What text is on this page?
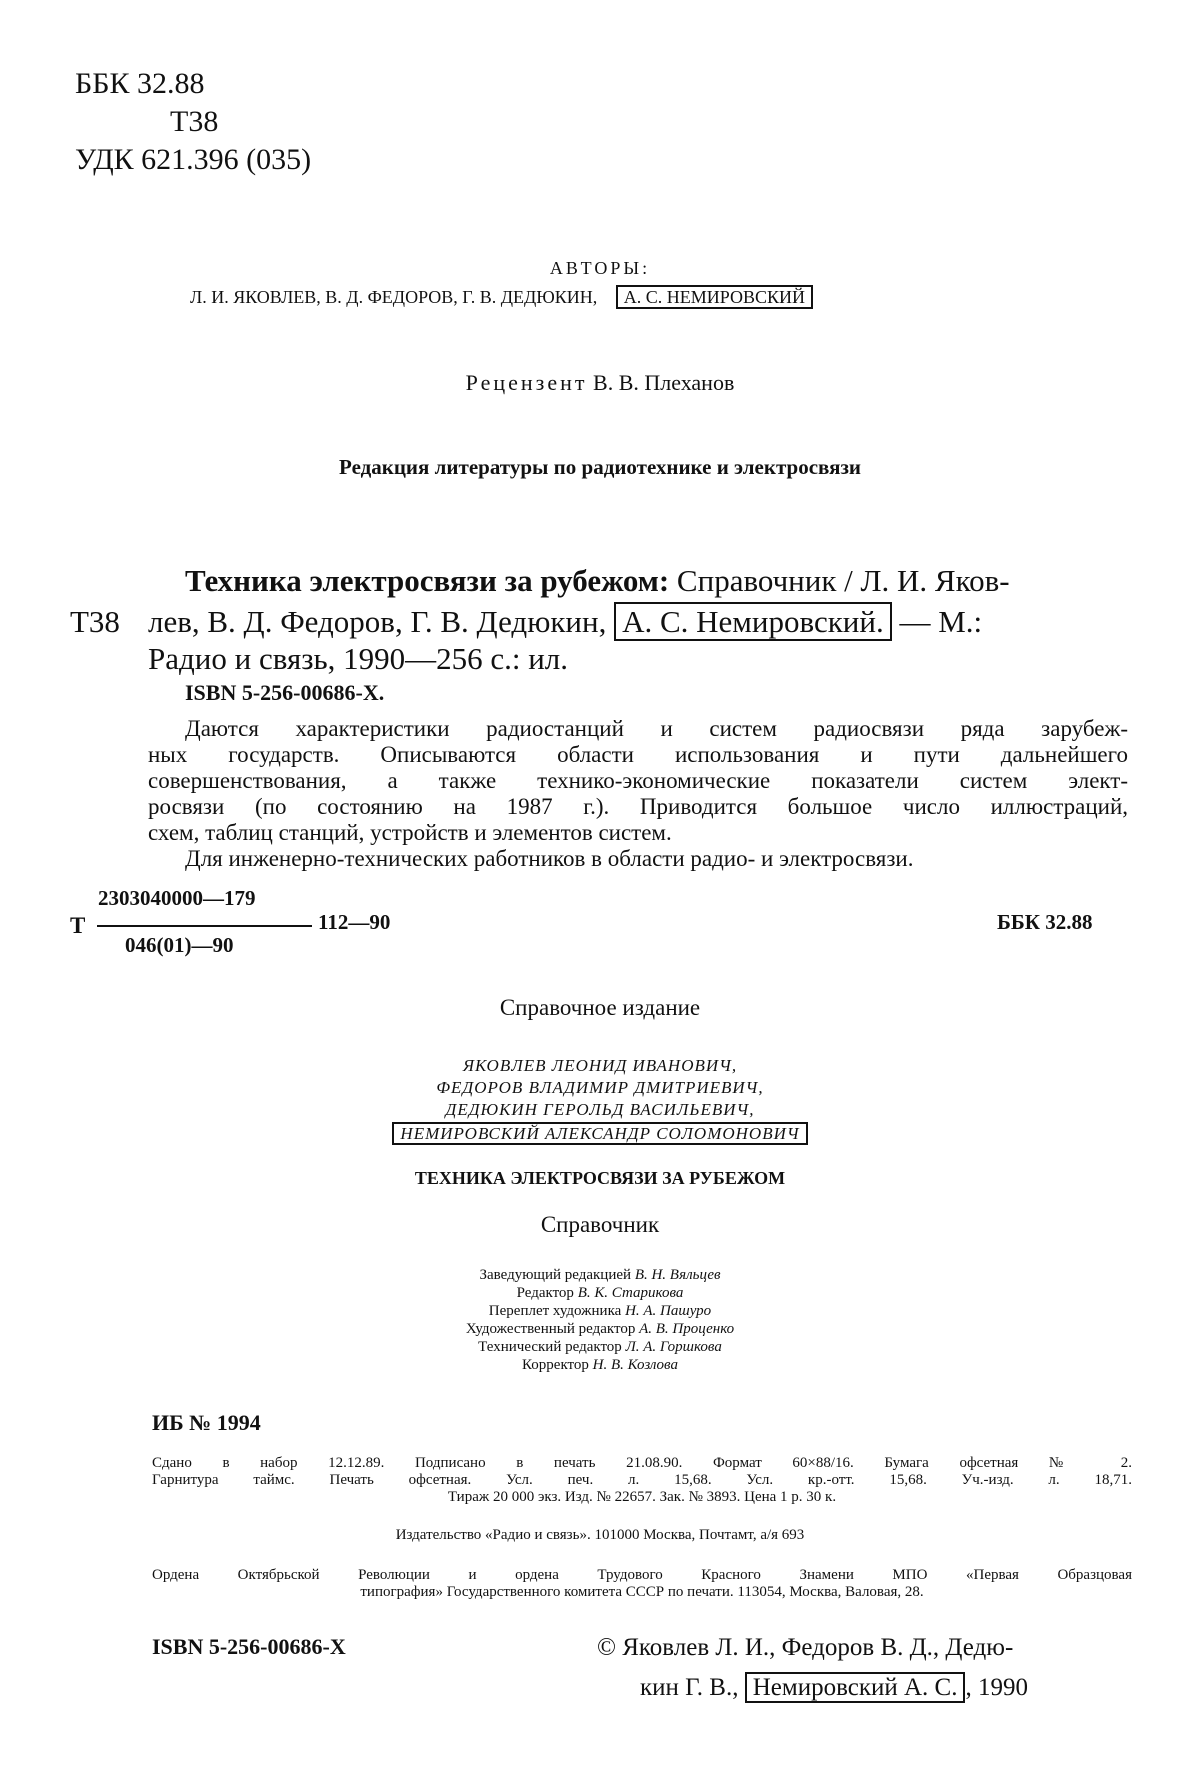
ББК 32.88
Т38
УДК 621.396 (035)
АВТОРЫ:
Л. И. ЯКОВЛЕВ, В. Д. ФЕДОРОВ, Г. В. ДЕДЮКИН, А. С. НЕМИРОВСКИЙ
Рецензент В. В. Плеханов
Редакция литературы по радиотехнике и электросвязи
Техника электросвязи за рубежом: Справочник / Л. И. Яков-
Т38 лев, В. Д. Федоров, Г. В. Дедюкин, А. С. Немировский. — М.:
Радио и связь, 1990—256 с.: ил.
ISBN 5-256-00686-X.
Даются характеристики радиостанций и систем радиосвязи ряда зарубеж-
ных государств. Описываются области использования и пути дальнейшего
совершенствования, а также технико-экономические показатели систем элект-
росвязи (по состоянию на 1987 г.). Приводится большое число иллюстраций,
схем, таблиц станций, устройств и элементов систем.
Для инженерно-технических работников в области радио- и электросвязи.
Т
2303040000—179
046(01)—90
112—90	ББК 32.88
Справочное издание
ЯКОВЛЕВ ЛЕОНИД ИВАНОВИЧ,
ФЕДОРОВ ВЛАДИМИР ДМИТРИЕВИЧ,
ДЕДЮКИН ГЕРОЛЬД ВАСИЛЬЕВИЧ,
НЕМИРОВСКИЙ АЛЕКСАНДР СОЛОМОНОВИЧ
ТЕХНИКА ЭЛЕКТРОСВЯЗИ ЗА РУБЕЖОМ
Справочник
Заведующий редакцией В. Н. Вяльцев
Редактор В. К. Старикова
Переплет художника Н. А. Пашуро
Художественный редактор А. В. Проценко
Технический редактор Л. А. Горшкова
Корректор Н. В. Козлова
ИБ № 1994
Сдано в набор 12.12.89. Подписано в печать 21.08.90. Формат 60×88/16. Бумага офсетная № 2.
Гарнитура таймс. Печать офсетная. Усл. печ. л. 15,68. Усл. кр.-отт. 15,68. Уч.-изд. л. 18,71.
Тираж 20 000 экз. Изд. № 22657. Зак. № 3893. Цена 1 р. 30 к.
Издательство «Радио и связь». 101000 Москва, Почтамт, а/я 693
Ордена Октябрьской Революции и ордена Трудового Красного Знамени МПО «Первая Образцовая
типография» Государственного комитета СССР по печати. 113054, Москва, Валовая, 28.
ISBN 5-256-00686-X	© Яковлев Л. И., Федоров В. Д., Дедю-
кин Г. В., Немировский А. С. , 1990
